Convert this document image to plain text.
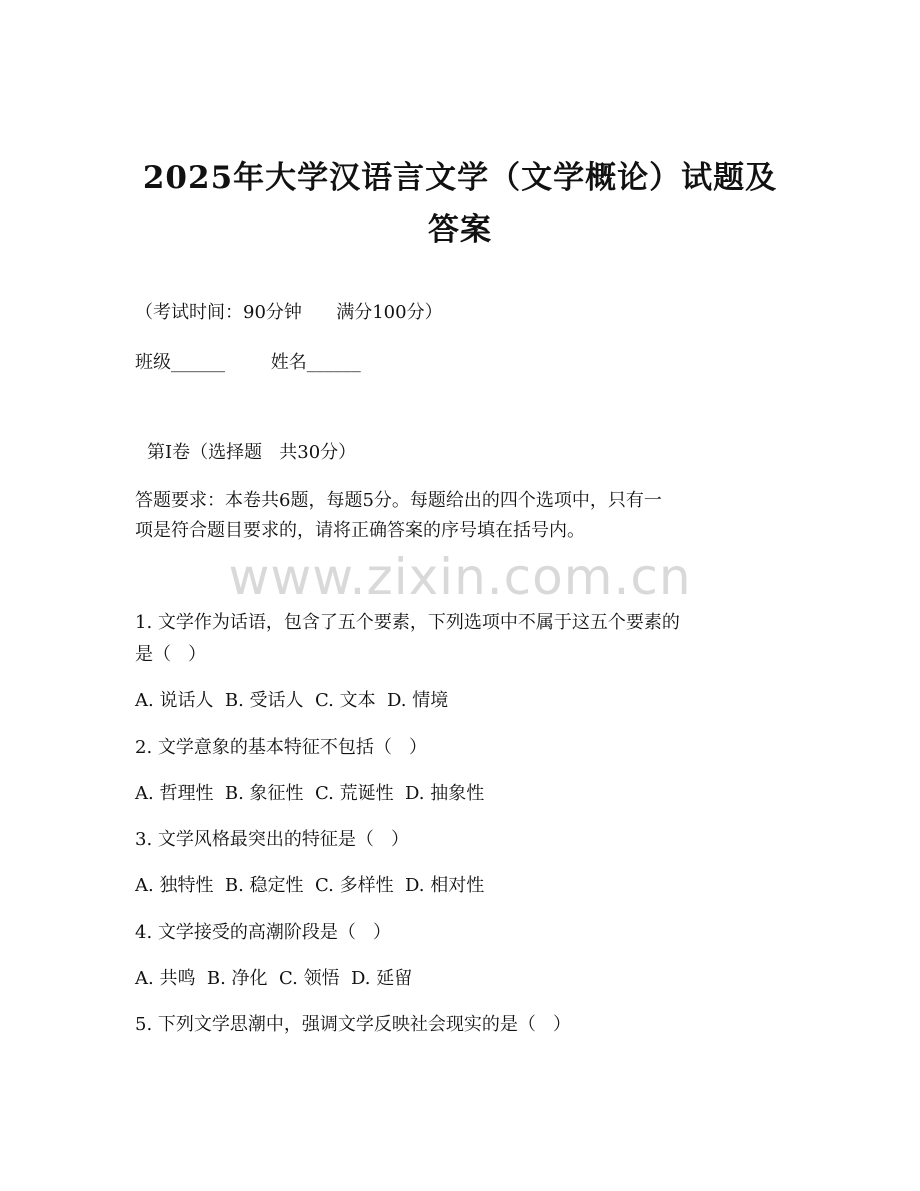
2025年大学汉语言文学（文学概论）试题及
答案
（考试时间：90分钟      满分100分）
班级______	姓名______
第Ⅰ卷（选择题   共30分）
答题要求：本卷共6题，每题5分。每题给出的四个选项中，只有一
项是符合题目要求的，请将正确答案的序号填在括号内。
www.zixin.com.cn
1. 文学作为话语，包含了五个要素，下列选项中不属于这五个要素的
是（   ）
A. 说话人  B. 受话人  C. 文本  D. 情境
2. 文学意象的基本特征不包括（   ）
A. 哲理性  B. 象征性  C. 荒诞性  D. 抽象性
3. 文学风格最突出的特征是（   ）
A. 独特性  B. 稳定性  C. 多样性  D. 相对性
4. 文学接受的高潮阶段是（   ）
A. 共鸣  B. 净化  C. 领悟  D. 延留
5. 下列文学思潮中，强调文学反映社会现实的是（   ）
